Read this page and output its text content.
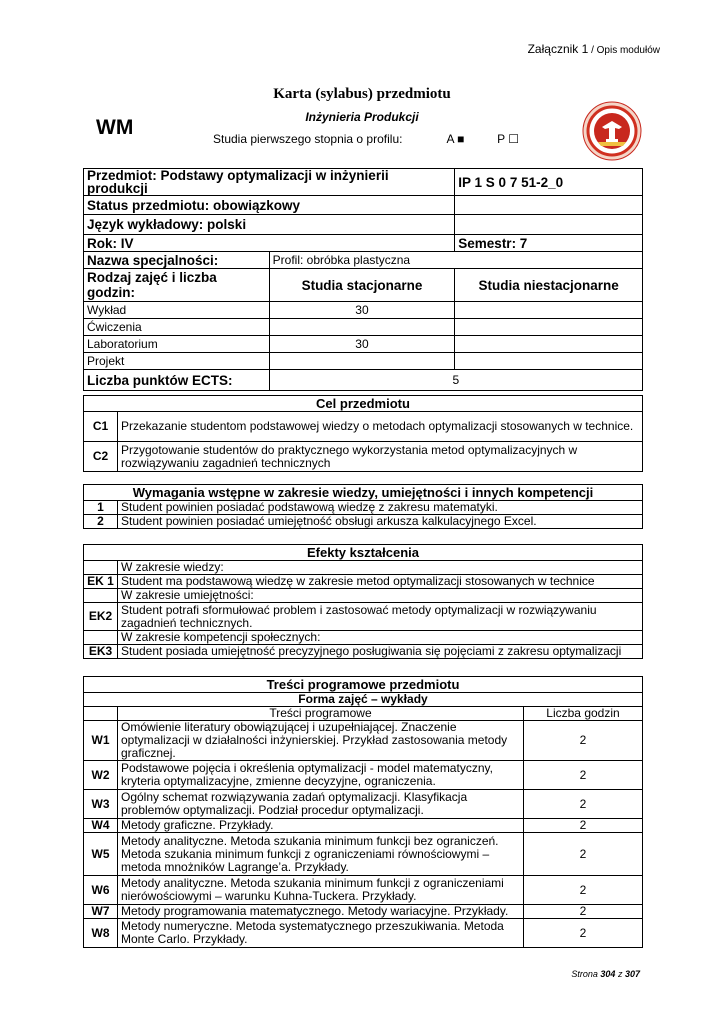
Załącznik 1 / Opis modułów
Karta (sylabus) przedmiotu
Inżynieria Produkcji
WM	Studia pierwszego stopnia o profilu:	A ■	P ☐
Przedmiot: Podstawy optymalizacji w inżynierii produkcji		IP 1 S 0 7 51-2_0
Status przedmiotu: obowiązkowy		
Język wykładowy: polski		
Rok: IV		Semestr: 7
Nazwa specjalności:	Profil: obróbka plastyczna	
Rodzaj zajęć i liczba godzin:	Studia stacjonarne	Studia niestacjonarne
Wykład	30	
Ćwiczenia		
Laboratorium	30	
Projekt		
Liczba punktów ECTS:	5	
Cel przedmiotu	
C1	Przekazanie studentom podstawowej wiedzy o metodach optymalizacji stosowanych w technice.
C2	Przygotowanie studentów do praktycznego wykorzystania metod optymalizacyjnych w rozwiązywaniu zagadnień technicznych
Wymagania wstępne w zakresie wiedzy, umiejętności i innych kompetencji	
1	Student powinien posiadać podstawową wiedzę z zakresu matematyki.
2	Student powinien posiadać umiejętność obsługi arkusza kalkulacyjnego Excel.
Efekty kształcenia	
	W zakresie wiedzy:
EK 1	Student ma podstawową wiedzę w zakresie metod optymalizacji stosowanych w technice
	W zakresie umiejętności:
EK2	Student potrafi sformułować problem i zastosować metody optymalizacji w rozwiązywaniu zagadnień technicznych.
	W zakresie kompetencji społecznych:
EK3	Student posiada umiejętność precyzyjnego posługiwania się pojęciami z zakresu optymalizacji
Treści programowe przedmiotu		
Forma zajęć – wykłady		
	Treści programowe	Liczba godzin
W1	Omówienie literatury obowiązującej i uzupełniającej. Znaczenie optymalizacji w działalności inżynierskiej. Przykład zastosowania metody graficznej.	2
W2	Podstawowe pojęcia i określenia optymalizacji - model matematyczny, kryteria optymalizacyjne, zmienne decyzyjne, ograniczenia.	2
W3	Ogólny schemat rozwiązywania zadań optymalizacji. Klasyfikacja problemów optymalizacji. Podział procedur optymalizacji.	2
W4	Metody graficzne. Przykłady.	2
W5	Metody analityczne. Metoda szukania minimum funkcji bez ograniczeń. Metoda szukania minimum funkcji z ograniczeniami równościowymi – metoda mnożników Lagrange’a. Przykłady.	2
W6	Metody analityczne. Metoda szukania minimum funkcji z ograniczeniami nierówościowymi – warunku Kuhna-Tuckera. Przykłady.	2
W7	Metody programowania matematycznego. Metody wariacyjne. Przykłady.	2
W8	Metody numeryczne. Metoda systematycznego przeszukiwania. Metoda Monte Carlo. Przykłady.	2
Strona 304 z 307
